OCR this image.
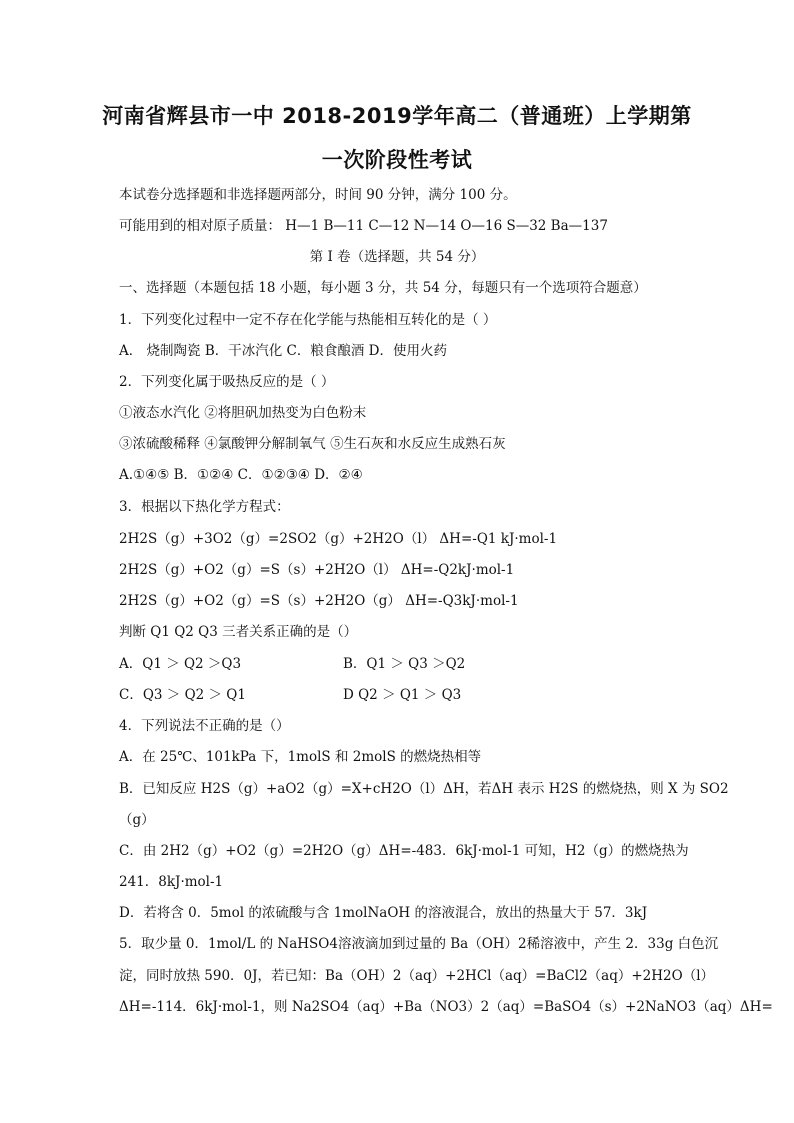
河南省辉县市一中 2018-2019学年高二（普通班）上学期第
一次阶段性考试
本试卷分选择题和非选择题两部分，时间 90 分钟，满分 100 分。
可能用到的相对原子质量： H—1 B—11 C—12 N—14 O—16 S—32 Ba—137
第 I 卷（选择题，共 54 分）
一、选择题（本题包括 18 小题，每小题 3 分，共 54 分，每题只有一个选项符合题意）
1．下列变化过程中一定不存在化学能与热能相互转化的是（ ）
A． 烧制陶瓷 B．干冰汽化 C．粮食酿酒 D．使用火药
2．下列变化属于吸热反应的是（ ）
①液态水汽化 ②将胆矾加热变为白色粉末
③浓硫酸稀释 ④氯酸钾分解制氧气 ⑤生石灰和水反应生成熟石灰
A.①④⑤ B．①②④ C．①②③④ D．②④
3．根据以下热化学方程式：
2H2S（g）+3O2（g）=2SO2（g）+2H2O（l） ΔH=-Q1 kJ·mol-1
2H2S（g）+O2（g）=S（s）+2H2O（l） ΔH=-Q2kJ·mol-1
2H2S（g）+O2（g）=S（s）+2H2O（g） ΔH=-Q3kJ·mol-1
判断 Q1 Q2 Q3 三者关系正确的是（）
A．Q1 ＞ Q2 ＞Q3	B．Q1 ＞ Q3 ＞Q2
C．Q3 ＞ Q2 ＞ Q1	D Q2 ＞ Q1 ＞ Q3
4．下列说法不正确的是（）
A．在 25℃、101kPa 下，1molS 和 2molS 的燃烧热相等
B．已知反应 H2S（g）+aO2（g）=X+cH2O（l）ΔH，若ΔH 表示 H2S 的燃烧热，则 X 为 SO2
（g）
C．由 2H2（g）+O2（g）=2H2O（g）ΔH=-483．6kJ·mol-1 可知，H2（g）的燃烧热为
241．8kJ·mol-1
D．若将含 0．5mol 的浓硫酸与含 1molNaOH 的溶液混合，放出的热量大于 57．3kJ
5．取少量 0．1mol/L 的 NaHSO4溶液滴加到过量的 Ba（OH）2稀溶液中，产生 2．33g 白色沉
淀，同时放热 590．0J，若已知：Ba（OH）2（aq）+2HCl（aq）=BaCl2（aq）+2H2O（l）
ΔH=-114．6kJ·mol-1，则 Na2SO4（aq）+Ba（NO3）2（aq）=BaSO4（s）+2NaNO3（aq）ΔH=
